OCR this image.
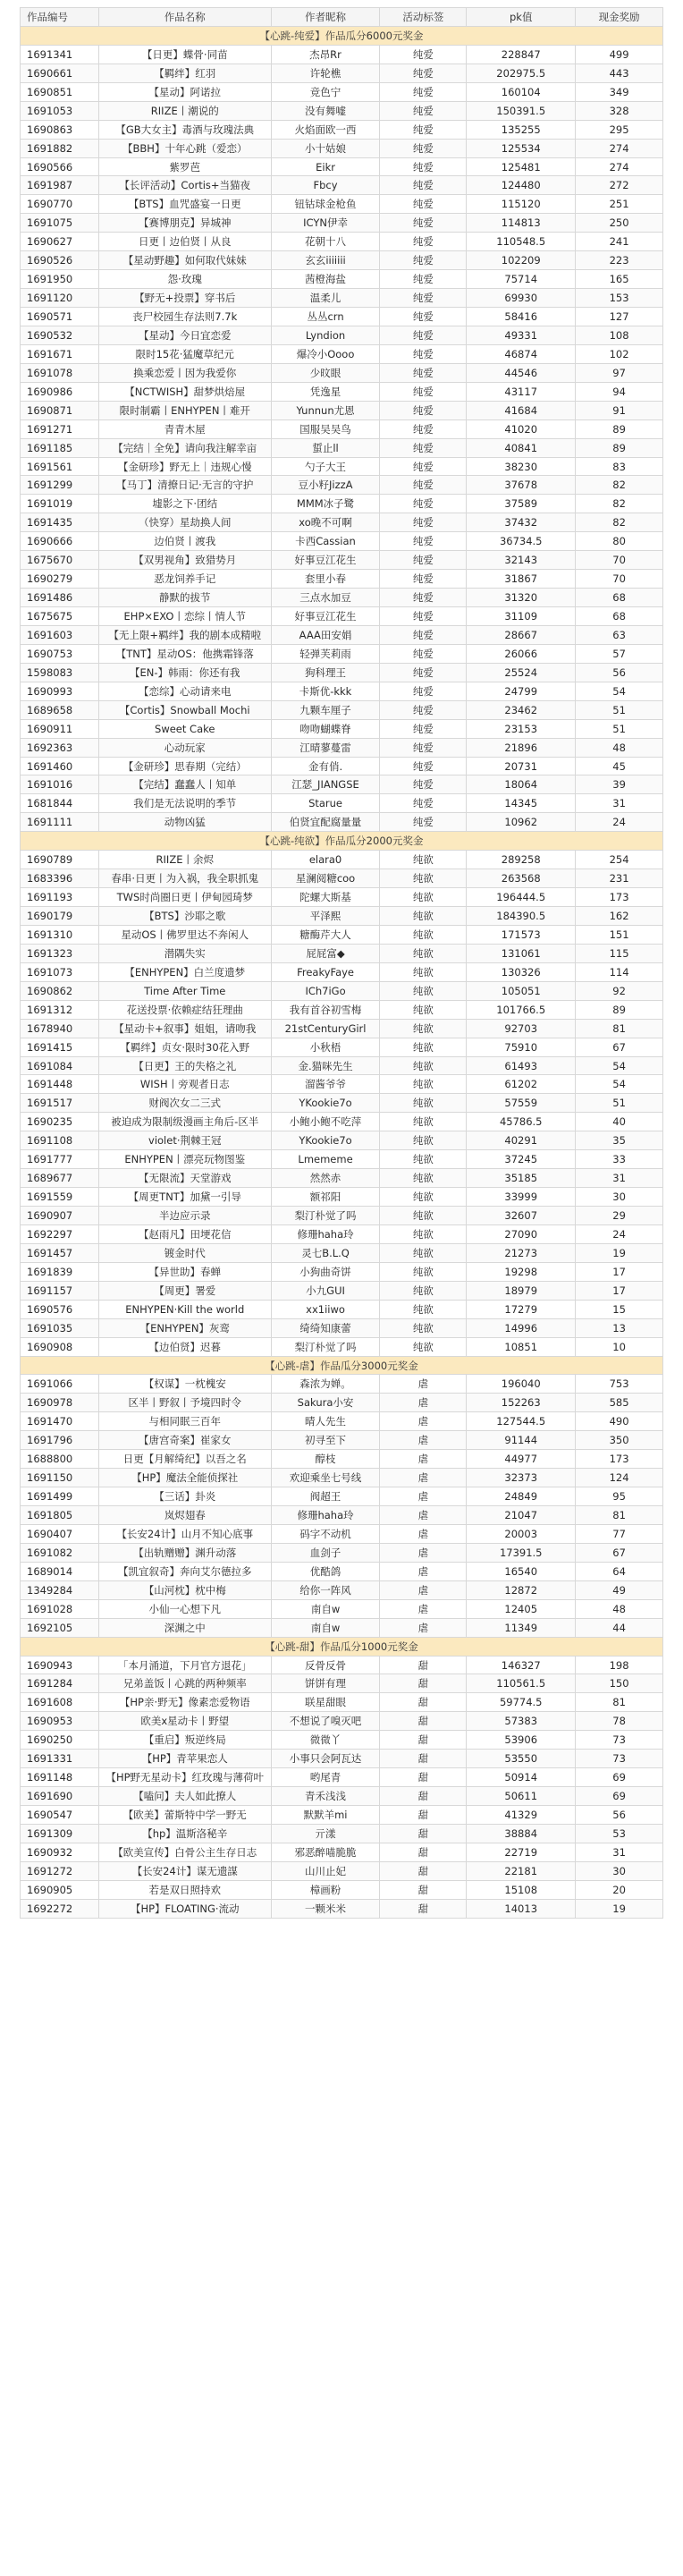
作品编号	作品名称	作者昵称	活动标签	pk值	现金奖励
【心跳-纯爱】作品瓜分6000元奖金
1691341	【日更】蝶骨·同苗	杰昂Rr	纯爱	228847	499
1690661	【羁绊】红羽	许轮樵	纯爱	202975.5	443
1690851	【星动】阿诺拉	竞色宁	纯爱	160104	349
1691053	RIIZE丨潮说的	没有舞嘘	纯爱	150391.5	328
1690863	【GB大女主】毒酒与玫瑰法典	火焰面欧一西	纯爱	135255	295
1691882	【BBH】十年心跳（爱恋）	小十姑娘	纯爱	125534	274
1690566	紫罗芭	Eikr	纯爱	125481	274
1691987	【长评活动】Cortis+当猫夜	Fbcy	纯爱	124480	272
1690770	【BTS】血咒盛宴一日更	钮钴球金枪鱼	纯爱	115120	251
1691075	【赛博朋克】异城神	ICYN伊幸	纯爱	114813	250
1690627	日更丨边伯贤丨从良	花朝十八	纯爱	110548.5	241
1690526	【星动野趣】如何取代妹妹	玄玄iiiiiii	纯爱	102209	223
1691950	怨·玫瑰	茜橙海盐	纯爱	75714	165
1691120	【野无+投票】穿书后	温柔儿	纯爱	69930	153
1690571	丧尸校园生存法则7.7k	丛丛crn	纯爱	58416	127
1690532	【星动】今日宜恋爱	Lyndion	纯爱	49331	108
1691671	限时15花·猛魔草纪元	爆冷小Oooo	纯爱	46874	102
1691078	换乘恋爱丨因为我爱你	少旼眼	纯爱	44546	97
1690986	【NCTWISH】甜梦烘焙屋	凭逸星	纯爱	43117	94
1690871	限时制霸丨ENHYPEN丨难开	Yunnun尤恩	纯爱	41684	91
1691271	青青木屋	国服吴吴鸟	纯爱	41020	89
1691185	【完结｜全免】请向我注解幸亩	蜇止ll	纯爱	40841	89
1691561	【金研珍】野无上｜违规心慢	勺子大王	纯爱	38230	83
1691299	【马丁】清撩日记·无言的守护	豆小籽JizzA	纯爱	37678	82
1691019	墟影之下·团结	MMM冰子鹭	纯爱	37589	82
1691435	（快穿）星劫换人间	xo晚不可啊	纯爱	37432	82
1690666	边伯贤丨渡我	卡西Cassian	纯爱	36734.5	80
1675670	【双男视角】致猎势月	好事豆江花生	纯爱	32143	70
1690279	恶龙饲养手记	套里小春	纯爱	31867	70
1691486	静默的拔节	三点水加豆	纯爱	31320	68
1675675	EHP×EXO丨恋综丨情人节	好事豆江花生	纯爱	31109	68
1691603	【无上限+羁绊】我的剧本成精啦	AAA田安娟	纯爱	28667	63
1690753	【TNT】星动OS：他携霜锋落	轻弹芙莉雨	纯爱	26066	57
1598083	【EN-】韩雨：你还有我	狗科理王	纯爱	25524	56
1690993	【恋综】心动请来电	卡斯优-kkk	纯爱	24799	54
1689658	【Cortis】Snowball Mochi	九颗车厘子	纯爱	23462	51
1690911	Sweet Cake	吻吻蝴蝶脊	纯爱	23153	51
1692363	心动玩家	江晴蓼蔓雷	纯爱	21896	48
1691460	【金研珍】思春期（完结）	金有俏.	纯爱	20731	45
1691016	【完结】蠢蠢人丨知单	江瑟_JIANGSE	纯爱	18064	39
1681844	我们是无法说明的季节	Starue	纯爱	14345	31
1691111	动物凶猛	伯贤宜配腐量量	纯爱	10962	24
【心跳-纯欲】作品瓜分2000元奖金
1690789	RIIZE丨余烬	elara0	纯欲	289258	254
1683396	春串·日更丨为入祸，我全职抓鬼	星澜阅糖coo	纯欲	263568	231
1691193	TWS时尚圈日更丨伊甸园琦梦	陀螺大斯基	纯欲	196444.5	173
1690179	【BTS】沙耶之歌	平泽熙	纯欲	184390.5	162
1691310	星动OS丨佛罗里达不奔闲人	糖酶芹大人	纯欲	171573	151
1691323	潜隅失实	屁屁富◆	纯欲	131061	115
1691073	【ENHYPEN】白兰度遗梦	FreakyFaye	纯欲	130326	114
1690862	Time After Time	ICh7iGo	纯欲	105051	92
1691312	花送投票·依赖症结狂理曲	我有首谷初雪梅	纯欲	101766.5	89
1678940	【星动卡+叙事】姐姐，请吻我	21stCenturyGirl	纯欲	92703	81
1691415	【羁绊】贞女·限时30花入野	小秋梧	纯欲	75910	67
1691084	【日更】王的失格之礼	金.猫咪先生	纯欲	61493	54
1691448	WISH丨旁观者日志	溜酱爷爷	纯欲	61202	54
1691517	财阀次女二三式	YKookie7o	纯欲	57559	51
1690235	被迫成为限制级漫画主角后-区半	小鲍小鲍不吃萍	纯欲	45786.5	40
1691108	violet·荆棘王冠	YKookie7o	纯欲	40291	35
1691777	ENHYPEN丨漂亮玩物图鉴	Lmememe	纯欲	37245	33
1689677	【无限流】天堂游戏	然然赤	纯欲	35185	31
1691559	【周更TNT】加黛一引导	额祁阳	纯欲	33999	30
1690907	半边应示录	梨汀朴觉了吗	纯欲	32607	29
1692297	【赵雨凡】田埂花信	修珊haha玲	纯欲	27090	24
1691457	镀金时代	灵七B.L.Q	纯欲	21273	19
1691839	【异世助】春蝉	小狗曲奇饼	纯欲	19298	17
1691157	【周更】署爱	小九GUI	纯欲	18979	17
1690576	ENHYPEN·Kill the world	xx1iiwo	纯欲	17279	15
1691035	【ENHYPEN】灰鸾	绮绮知康蕾	纯欲	14996	13
1690908	【边伯贤】迟暮	梨汀朴觉了吗	纯欲	10851	10
【心跳-虐】作品瓜分3000元奖金
1691066	【权谋】一枕槐安	森浓为婵。	虐	196040	753
1690978	区半丨野叙丨予境四时令	Sakura小安	虐	152263	585
1691470	与相同眠三百年	晴人先生	虐	127544.5	490
1691796	【唐宫奇案】崔家女	初寻至下	虐	91144	350
1688800	日更【月解绮纪】以吾之名	醇枝	虐	44977	173
1691150	【HP】魔法全能侦探社	欢迎乘坐七号线	虐	32373	124
1691499	【三话】卦炎	阀超王	虐	24849	95
1691805	岚烬翅春	修珊haha玲	虐	21047	81
1690407	【长安24计】山月不知心底事	码字不动机	虐	20003	77
1691082	【出轨赠赠】渊升动落	血剑子	虐	17391.5	67
1689014	【凯宜叙奇】奔向艾尔德拉多	优酷鸽	虐	16540	64
1349284	【山河枕】枕中梅	给你一阵风	虐	12872	49
1691028	小仙一心想下凡	南自w	虐	12405	48
1692105	深渊之中	南自w	虐	11349	44
【心跳-甜】作品瓜分1000元奖金
1690943	「本月涌道，下月官方退花」	反骨反骨	甜	146327	198
1691284	兄弟盖饭丨心跳的两种频率	饼饼有理	甜	110561.5	150
1691608	【HP亲·野无】像素恋爱物语	联星甜眼	甜	59774.5	81
1690953	欧美x星动卡丨野望	不想说了嗅灭吧	甜	57383	78
1690250	【重启】叛逆终局	微微丫	甜	53906	73
1691331	【HP】青苹果恋人	小事只会阿瓦达	甜	53550	73
1691148	【HP野无星动卡】红玫瑰与薄荷叶	哟尾青	甜	50914	69
1691690	【嗑问】夫人如此撩人	青禾浅浅	甜	50611	69
1690547	【欧美】蕾斯特中学一野无	默默羊mi	甜	41329	56
1691309	【hp】温斯洛秘辛	亓漾	甜	38884	53
1690932	【欧美宣传】白骨公主生存日志	邪恶醉喵脆脆	甜	22719	31
1691272	【长安24计】谋无遗謀	山川止妃	甜	22181	30
1690905	若是双日照持欢	樟画粉	甜	15108	20
1692272	【HP】FLOATING·流动	一颗米米	甜	14013	19
